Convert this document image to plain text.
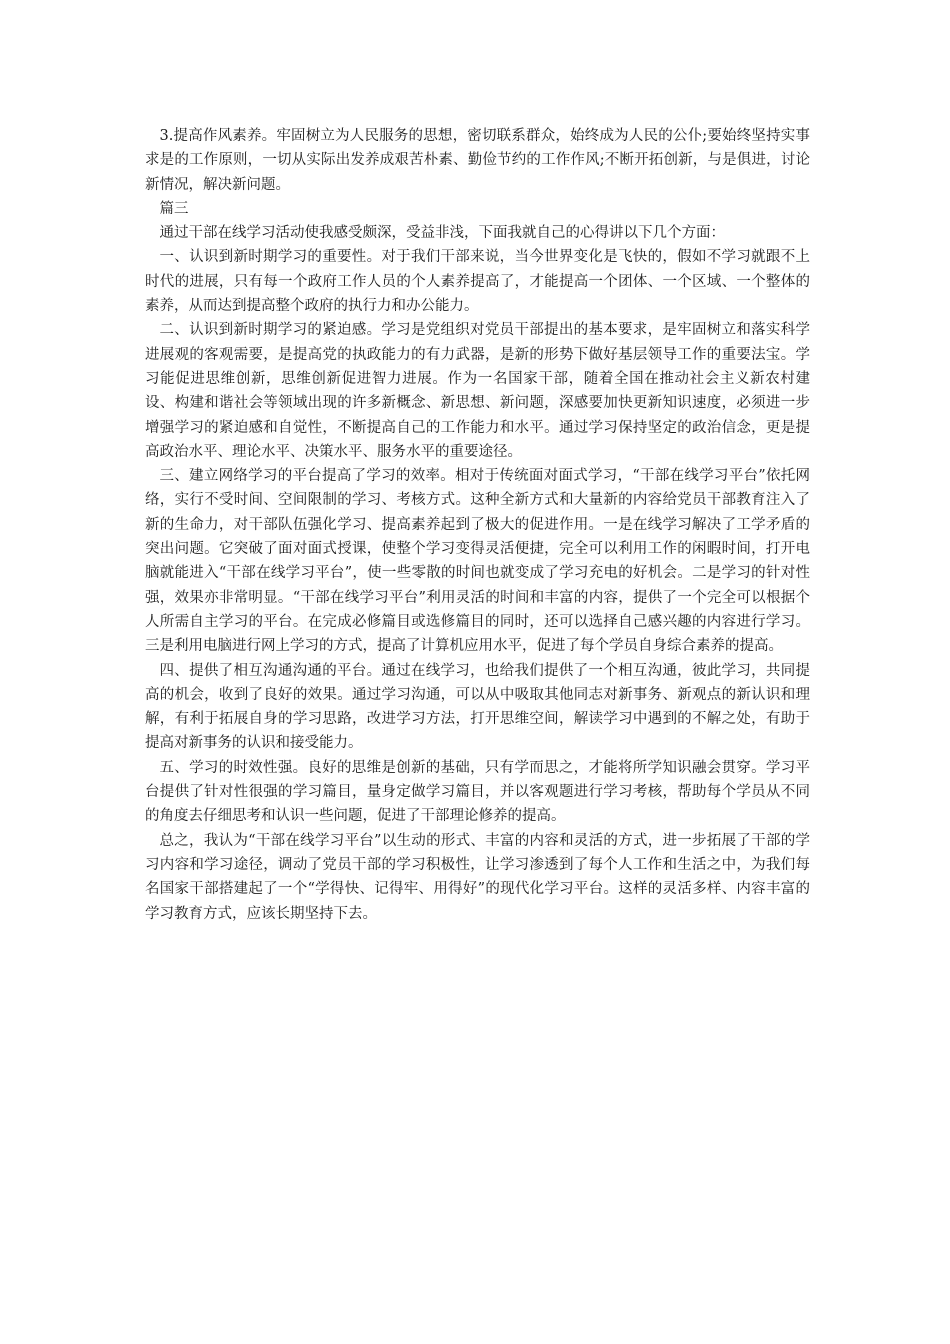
3.提高作风素养。牢固树立为人民服务的思想，密切联系群众，始终成为人民的公仆;要始终坚持实事求是的工作原则，一切从实际出发养成艰苦朴素、勤俭节约的工作作风;不断开拓创新，与是俱进，讨论新情况，解决新问题。

篇三

通过干部在线学习活动使我感受颇深，受益非浅，下面我就自己的心得讲以下几个方面：

一、认识到新时期学习的重要性。对于我们干部来说，当今世界变化是飞快的，假如不学习就跟不上时代的进展，只有每一个政府工作人员的个人素养提高了，才能提高一个团体、一个区域、一个整体的素养，从而达到提高整个政府的执行力和办公能力。

二、认识到新时期学习的紧迫感。学习是党组织对党员干部提出的基本要求，是牢固树立和落实科学进展观的客观需要，是提高党的执政能力的有力武器，是新的形势下做好基层领导工作的重要法宝。学习能促进思维创新，思维创新促进智力进展。作为一名国家干部，随着全国在推动社会主义新农村建设、构建和谐社会等领域出现的许多新概念、新思想、新问题，深感要加快更新知识速度，必须进一步增强学习的紧迫感和自觉性，不断提高自己的工作能力和水平。通过学习保持坚定的政治信念，更是提高政治水平、理论水平、决策水平、服务水平的重要途径。

三、建立网络学习的平台提高了学习的效率。相对于传统面对面式学习，“干部在线学习平台”依托网络，实行不受时间、空间限制的学习、考核方式。这种全新方式和大量新的内容给党员干部教育注入了新的生命力，对干部队伍强化学习、提高素养起到了极大的促进作用。一是在线学习解决了工学矛盾的突出问题。它突破了面对面式授课，使整个学习变得灵活便捷，完全可以利用工作的闲暇时间，打开电脑就能进入“干部在线学习平台”，使一些零散的时间也就变成了学习充电的好机会。二是学习的针对性强，效果亦非常明显。“干部在线学习平台”利用灵活的时间和丰富的内容，提供了一个完全可以根据个人所需自主学习的平台。在完成必修篇目或选修篇目的同时，还可以选择自己感兴趣的内容进行学习。三是利用电脑进行网上学习的方式，提高了计算机应用水平，促进了每个学员自身综合素养的提高。

四、提供了相互沟通沟通的平台。通过在线学习，也给我们提供了一个相互沟通，彼此学习，共同提高的机会，收到了良好的效果。通过学习沟通，可以从中吸取其他同志对新事务、新观点的新认识和理解，有利于拓展自身的学习思路，改进学习方法，打开思维空间，解读学习中遇到的不解之处，有助于提高对新事务的认识和接受能力。

五、学习的时效性强。良好的思维是创新的基础，只有学而思之，才能将所学知识融会贯穿。学习平台提供了针对性很强的学习篇目，量身定做学习篇目，并以客观题进行学习考核，帮助每个学员从不同的角度去仔细思考和认识一些问题，促进了干部理论修养的提高。

总之，我认为“干部在线学习平台”以生动的形式、丰富的内容和灵活的方式，进一步拓展了干部的学习内容和学习途径，调动了党员干部的学习积极性，让学习渗透到了每个人工作和生活之中，为我们每名国家干部搭建起了一个“学得快、记得牢、用得好”的现代化学习平台。这样的灵活多样、内容丰富的学习教育方式，应该长期坚持下去。
